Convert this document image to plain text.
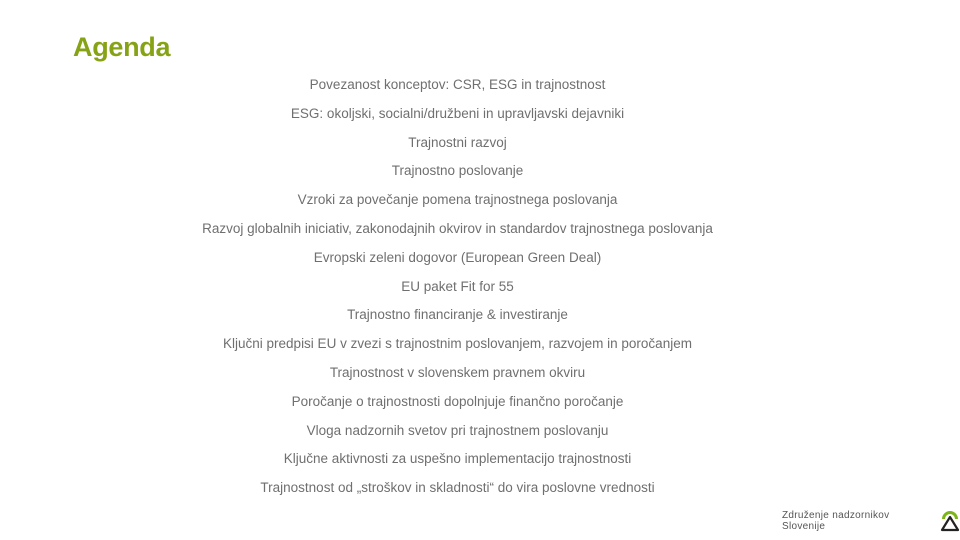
Agenda
Povezanost konceptov: CSR, ESG in trajnostnost
ESG: okoljski, socialni/družbeni in upravljavski dejavniki
Trajnostni razvoj
Trajnostno poslovanje
Vzroki za povečanje pomena trajnostnega poslovanja
Razvoj globalnih iniciativ, zakonodajnih okvirov in standardov trajnostnega poslovanja
Evropski zeleni dogovor (European Green Deal)
EU paket Fit for 55
Trajnostno financiranje & investiranje
Ključni predpisi EU v zvezi s trajnostnim poslovanjem, razvojem in poročanjem
Trajnostnost v slovenskem pravnem okviru
Poročanje o trajnostnosti dopolnjuje finančno poročanje
Vloga nadzornih svetov pri trajnostnem poslovanju
Ključne aktivnosti za uspešno implementacijo trajnostnosti
Trajnostnost od „stroškov in skladnosti“ do vira poslovne vrednosti
Združenje nadzornikov Slovenije
